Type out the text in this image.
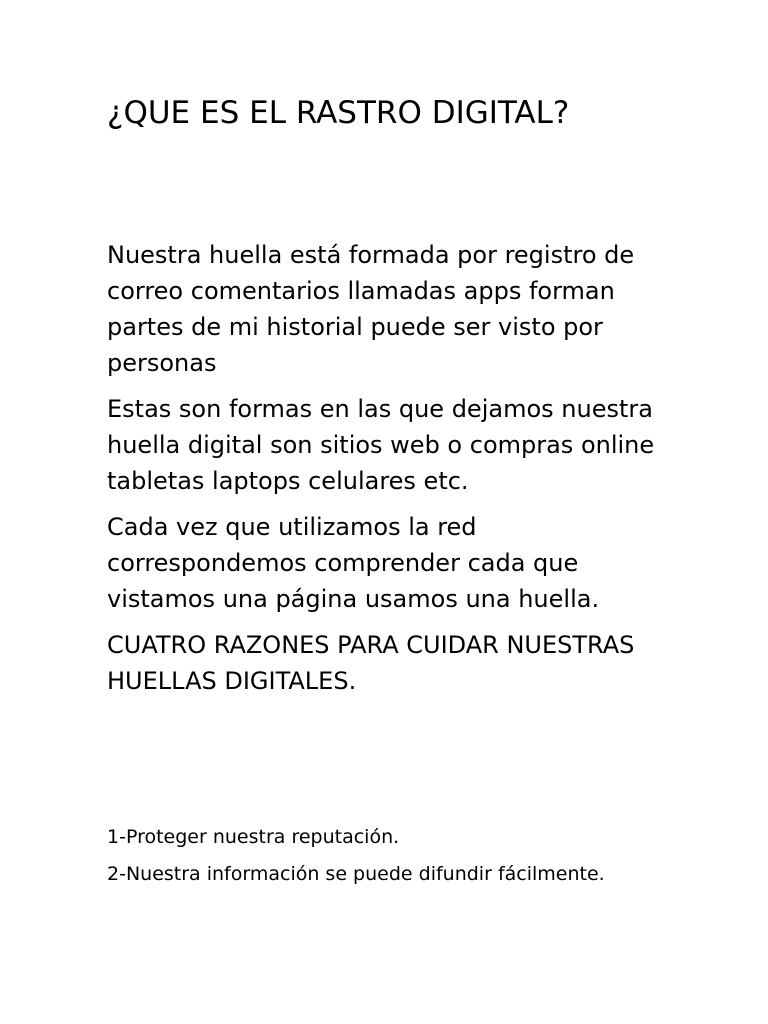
¿QUE ES EL RASTRO DIGITAL?

Nuestra huella está formada por registro de correo comentarios llamadas apps forman partes de mi historial puede ser visto por personas

Estas son formas en las que dejamos nuestra huella digital son sitios web o compras online tabletas laptops celulares etc.

Cada vez que utilizamos la red correspondemos comprender cada que vistamos una página usamos una huella.

CUATRO RAZONES PARA CUIDAR NUESTRAS HUELLAS DIGITALES.

1-Proteger nuestra reputación.

2-Nuestra información se puede difundir fácilmente.
